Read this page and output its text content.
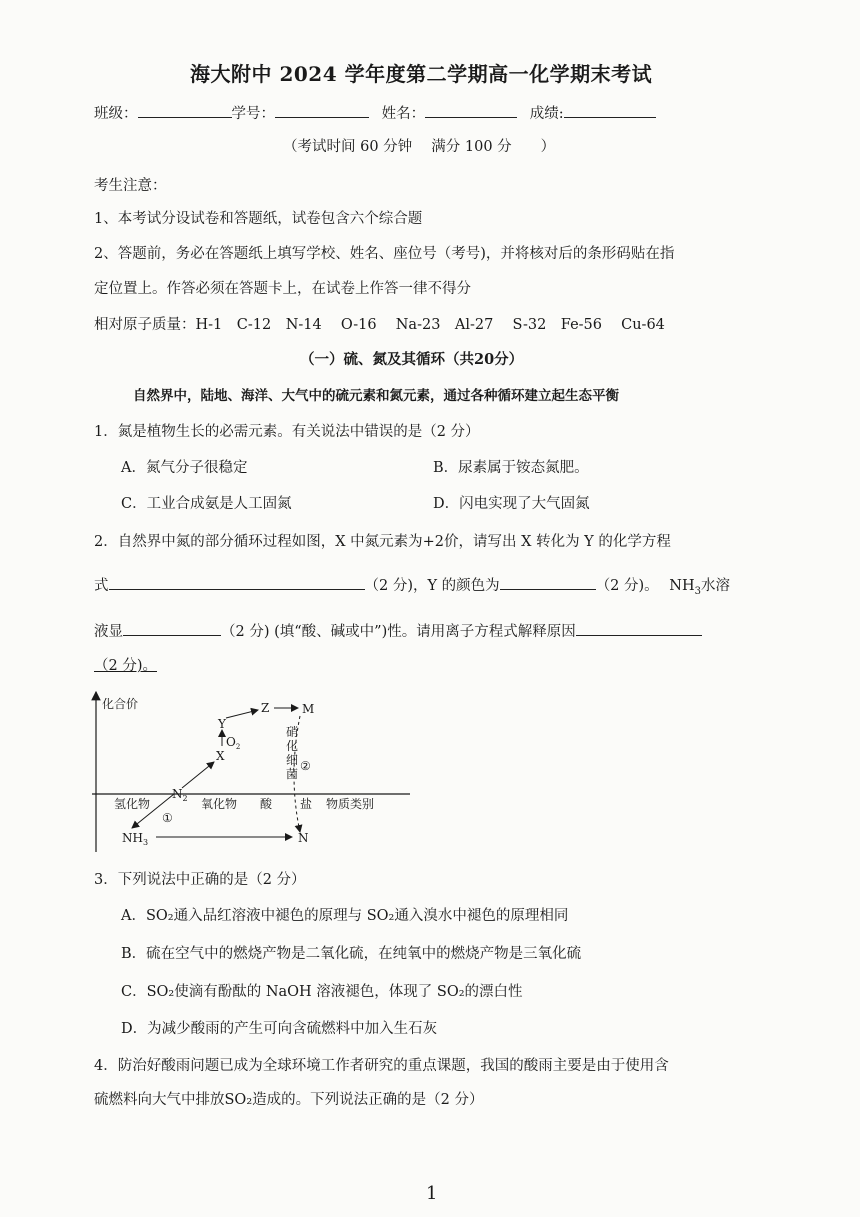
海大附中 2024 学年度第二学期高一化学期末考试
班级：	学号：	姓名：	成绩:
（考试时间 60 分钟　 满分 100 分　　）
考生注意：
1、本考试分设试卷和答题纸，试卷包含六个综合题
2、答题前，务必在答题纸上填写学校、姓名、座位号（考号)，并将核对后的条形码贴在指
定位置上。作答必须在答题卡上，在试卷上作答一律不得分
相对原子质量：H-1　C-12　N-14　 O-16　 Na-23　Al-27　 S-32　Fe-56　 Cu-64
（一）硫、氮及其循环（共20分）
自然界中，陆地、海洋、大气中的硫元素和氮元素，通过各种循环建立起生态平衡
1．氮是植物生长的必需元素。有关说法中错误的是（2 分）
A．氮气分子很稳定	B．尿素属于铵态氮肥。
C．工业合成氨是人工固氮	D．闪电实现了大气固氮
2．自然界中氮的部分循环过程如图，X 中氮元素为+2价，请写出 X 转化为 Y 的化学方程
式	（2 分)，Y 的颜色为	（2 分)。 $NH_3$水溶
液显	（2 分) (填“酸、碱或中”)性。请用离子方程式解释原因
（2 分)。
化合价
氢化物	氧化物 酸 盐 物质类别
$N_2$
$NH_3$
①
N
X
$O_2$
Y
Z	M
硝
化
细
菌
②
3．下列说法中正确的是（2 分）
A．SO₂通入品红溶液中褪色的原理与 SO₂通入溴水中褪色的原理相同
B．硫在空气中的燃烧产物是二氧化硫，在纯氧中的燃烧产物是三氧化硫
C．SO₂使滴有酚酞的 NaOH 溶液褪色，体现了 SO₂的漂白性
D．为减少酸雨的产生可向含硫燃料中加入生石灰
4．防治好酸雨问题已成为全球环境工作者研究的重点课题，我国的酸雨主要是由于使用含
硫燃料向大气中排放SO₂造成的。下列说法正确的是（2 分）
1
